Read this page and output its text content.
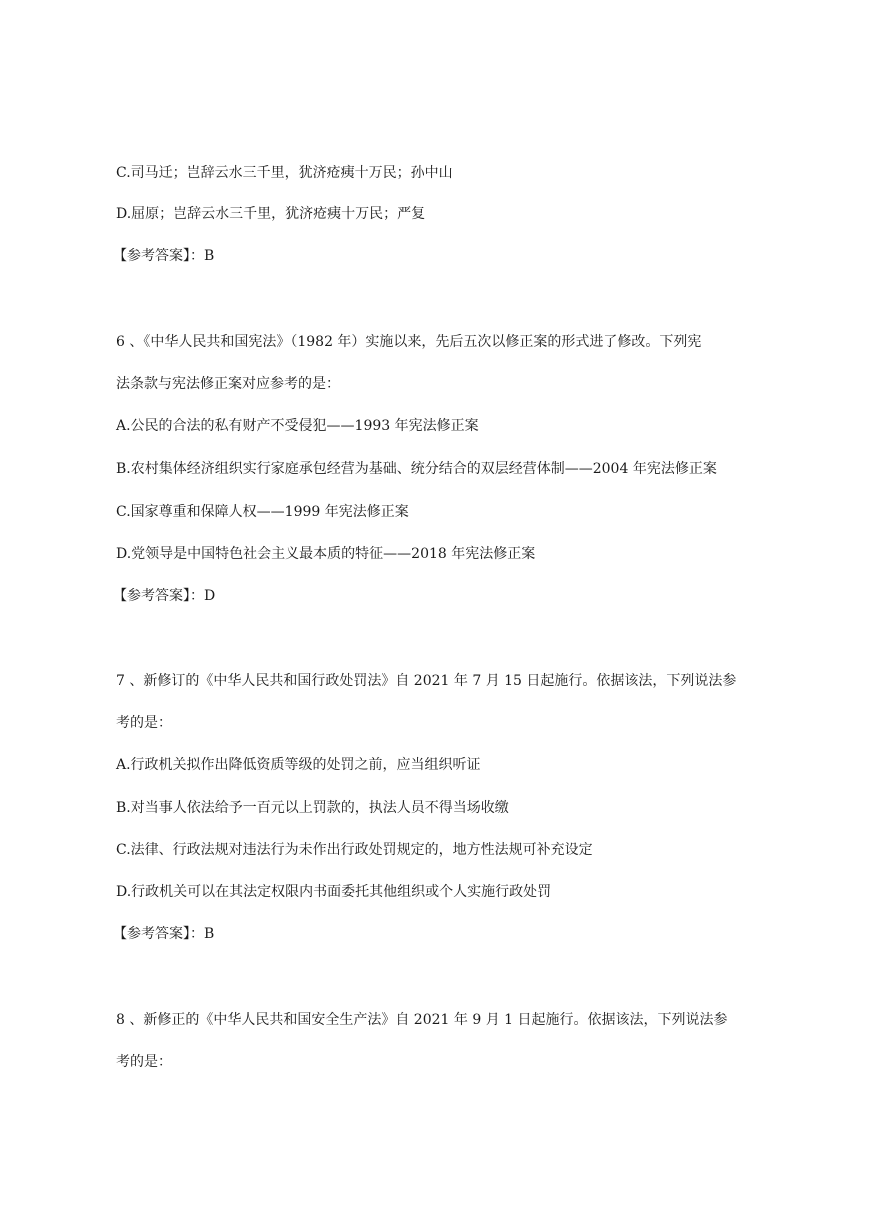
C.司马迁；岂辞云水三千里，犹济疮痍十万民；孙中山
D.屈原；岂辞云水三千里，犹济疮痍十万民；严复
【参考答案】：B
6 、《中华人民共和国宪法》（1982 年）实施以来，先后五次以修正案的形式进了修改。下列宪
法条款与宪法修正案对应参考的是：
A.公民的合法的私有财产不受侵犯——1993 年宪法修正案
B.农村集体经济组织实行家庭承包经营为基础、统分结合的双层经营体制——2004 年宪法修正案
C.国家尊重和保障人权——1999 年宪法修正案
D.党领导是中国特色社会主义最本质的特征——2018 年宪法修正案
【参考答案】：D
7 、新修订的《中华人民共和国行政处罚法》自 2021 年 7 月 15 日起施行。依据该法，下列说法参
考的是：
A.行政机关拟作出降低资质等级的处罚之前，应当组织听证
B.对当事人依法给予一百元以上罚款的，执法人员不得当场收缴
C.法律、行政法规对违法行为未作出行政处罚规定的，地方性法规可补充设定
D.行政机关可以在其法定权限内书面委托其他组织或个人实施行政处罚
【参考答案】：B
8 、新修正的《中华人民共和国安全生产法》自 2021 年 9 月 1 日起施行。依据该法，下列说法参
考的是：
